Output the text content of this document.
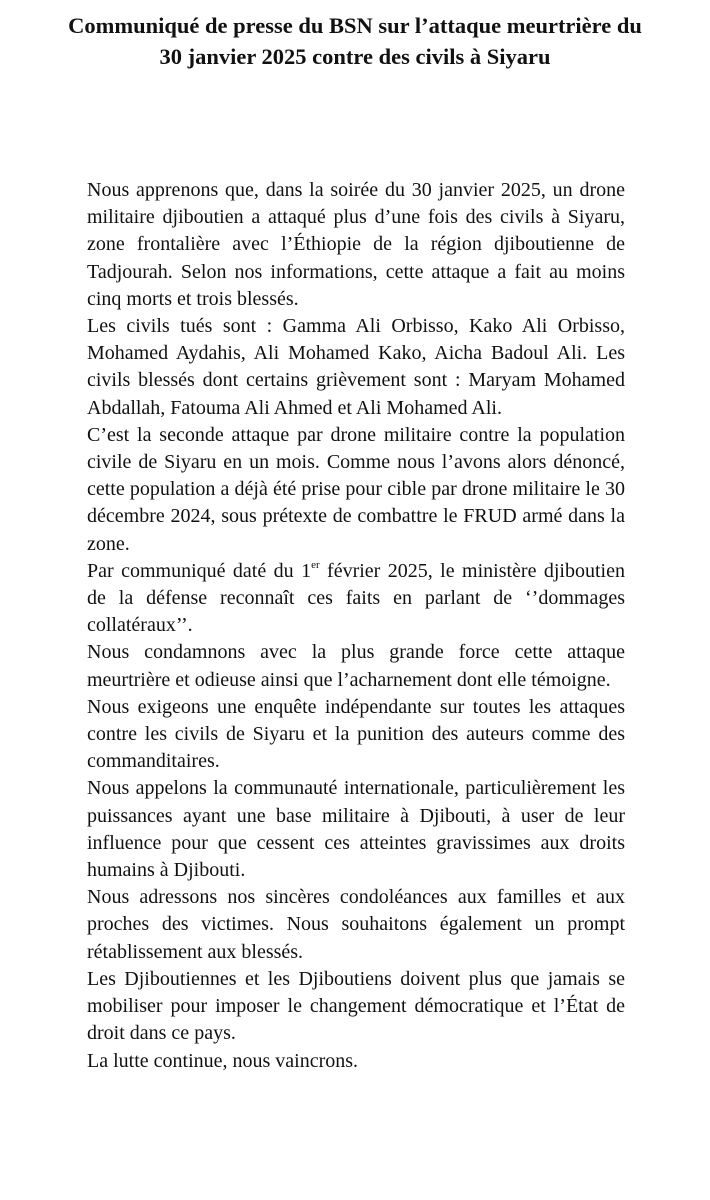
Communiqué de presse du BSN sur l’attaque meurtrière du 30 janvier 2025 contre des civils à Siyaru

Nous apprenons que, dans la soirée du 30 janvier 2025, un drone militaire djiboutien a attaqué plus d’une fois des civils à Siyaru, zone frontalière avec l’Éthiopie de la région djiboutienne de Tadjourah. Selon nos informations, cette attaque a fait au moins cinq morts et trois blessés.

Les civils tués sont : Gamma Ali Orbisso, Kako Ali Orbisso, Mohamed Aydahis, Ali Mohamed Kako, Aicha Badoul Ali. Les civils blessés dont certains grièvement sont : Maryam Mohamed Abdallah, Fatouma Ali Ahmed et Ali Mohamed Ali.

C’est la seconde attaque par drone militaire contre la population civile de Siyaru en un mois. Comme nous l’avons alors dénoncé, cette population a déjà été prise pour cible par drone militaire le 30 décembre 2024, sous prétexte de combattre le FRUD armé dans la zone.

Par communiqué daté du 1er février 2025, le ministère djiboutien de la défense reconnaît ces faits en parlant de ‘’dommages collatéraux’’.

Nous condamnons avec la plus grande force cette attaque meurtrière et odieuse ainsi que l’acharnement dont elle témoigne.

Nous exigeons une enquête indépendante sur toutes les attaques contre les civils de Siyaru et la punition des auteurs comme des commanditaires.

Nous appelons la communauté internationale, particulièrement les puissances ayant une base militaire à Djibouti, à user de leur influence pour que cessent ces atteintes gravissimes aux droits humains à Djibouti.

Nous adressons nos sincères condoléances aux familles et aux proches des victimes. Nous souhaitons également un prompt rétablissement aux blessés.

Les Djiboutiennes et les Djiboutiens doivent plus que jamais se mobiliser pour imposer le changement démocratique et l’État de droit dans ce pays.

La lutte continue, nous vaincrons.
